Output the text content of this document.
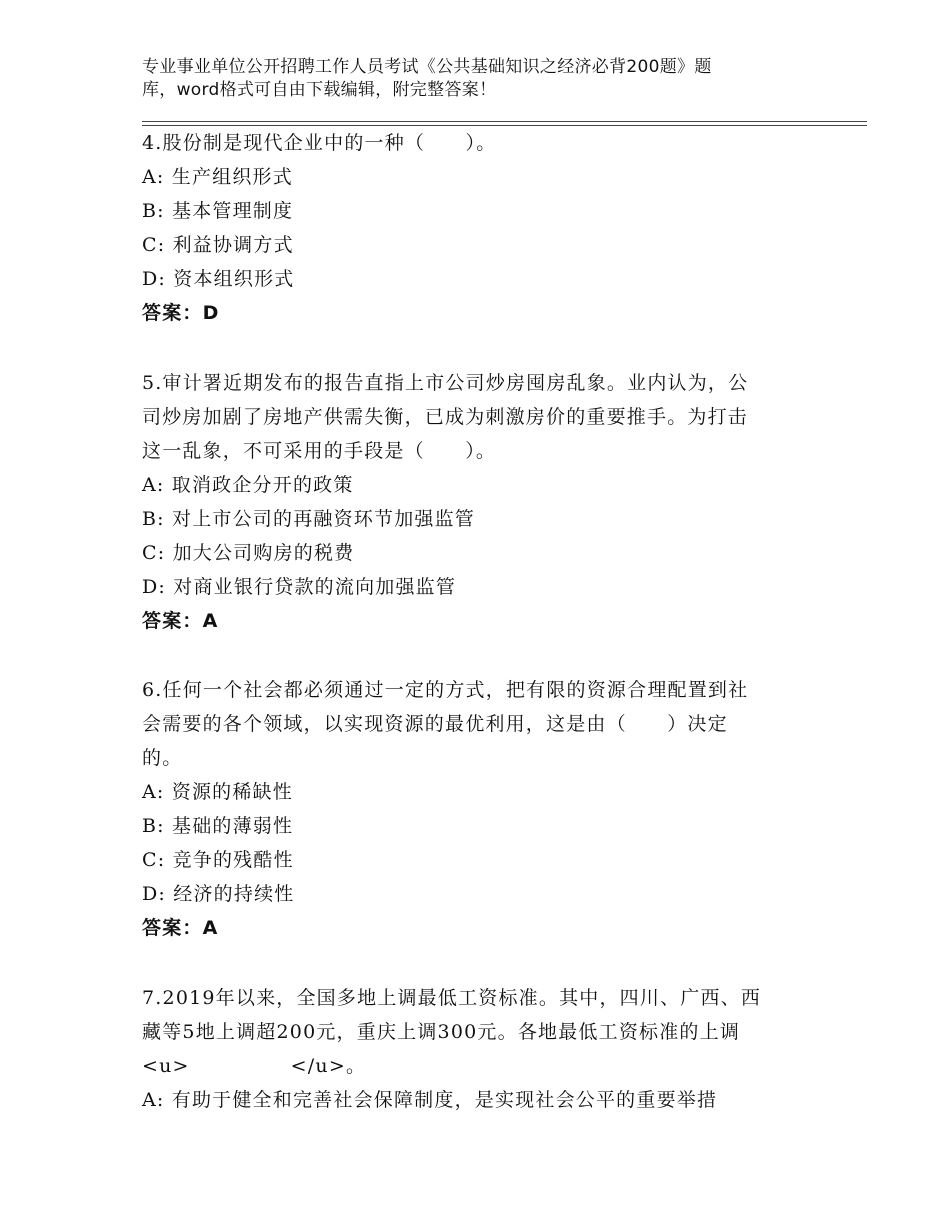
专业事业单位公开招聘工作人员考试《公共基础知识之经济必背200题》题
库，word格式可自由下载编辑，附完整答案！
4.股份制是现代企业中的一种（　　）。
A: 生产组织形式
B: 基本管理制度
C: 利益协调方式
D: 资本组织形式
答案：D
5.审计署近期发布的报告直指上市公司炒房囤房乱象。业内认为，公
司炒房加剧了房地产供需失衡，已成为刺激房价的重要推手。为打击
这一乱象，不可采用的手段是（　　）。
A: 取消政企分开的政策
B: 对上市公司的再融资环节加强监管
C: 加大公司购房的税费
D: 对商业银行贷款的流向加强监管
答案：A
6.任何一个社会都必须通过一定的方式，把有限的资源合理配置到社
会需要的各个领域，以实现资源的最优利用，这是由（　　）决定
的。
A: 资源的稀缺性
B: 基础的薄弱性
C: 竞争的残酷性
D: 经济的持续性
答案：A
7.2019年以来，全国多地上调最低工资标准。其中，四川、广西、西
藏等5地上调超200元，重庆上调300元。各地最低工资标准的上调
<u>　　　　　</u>。
A: 有助于健全和完善社会保障制度，是实现社会公平的重要举措
